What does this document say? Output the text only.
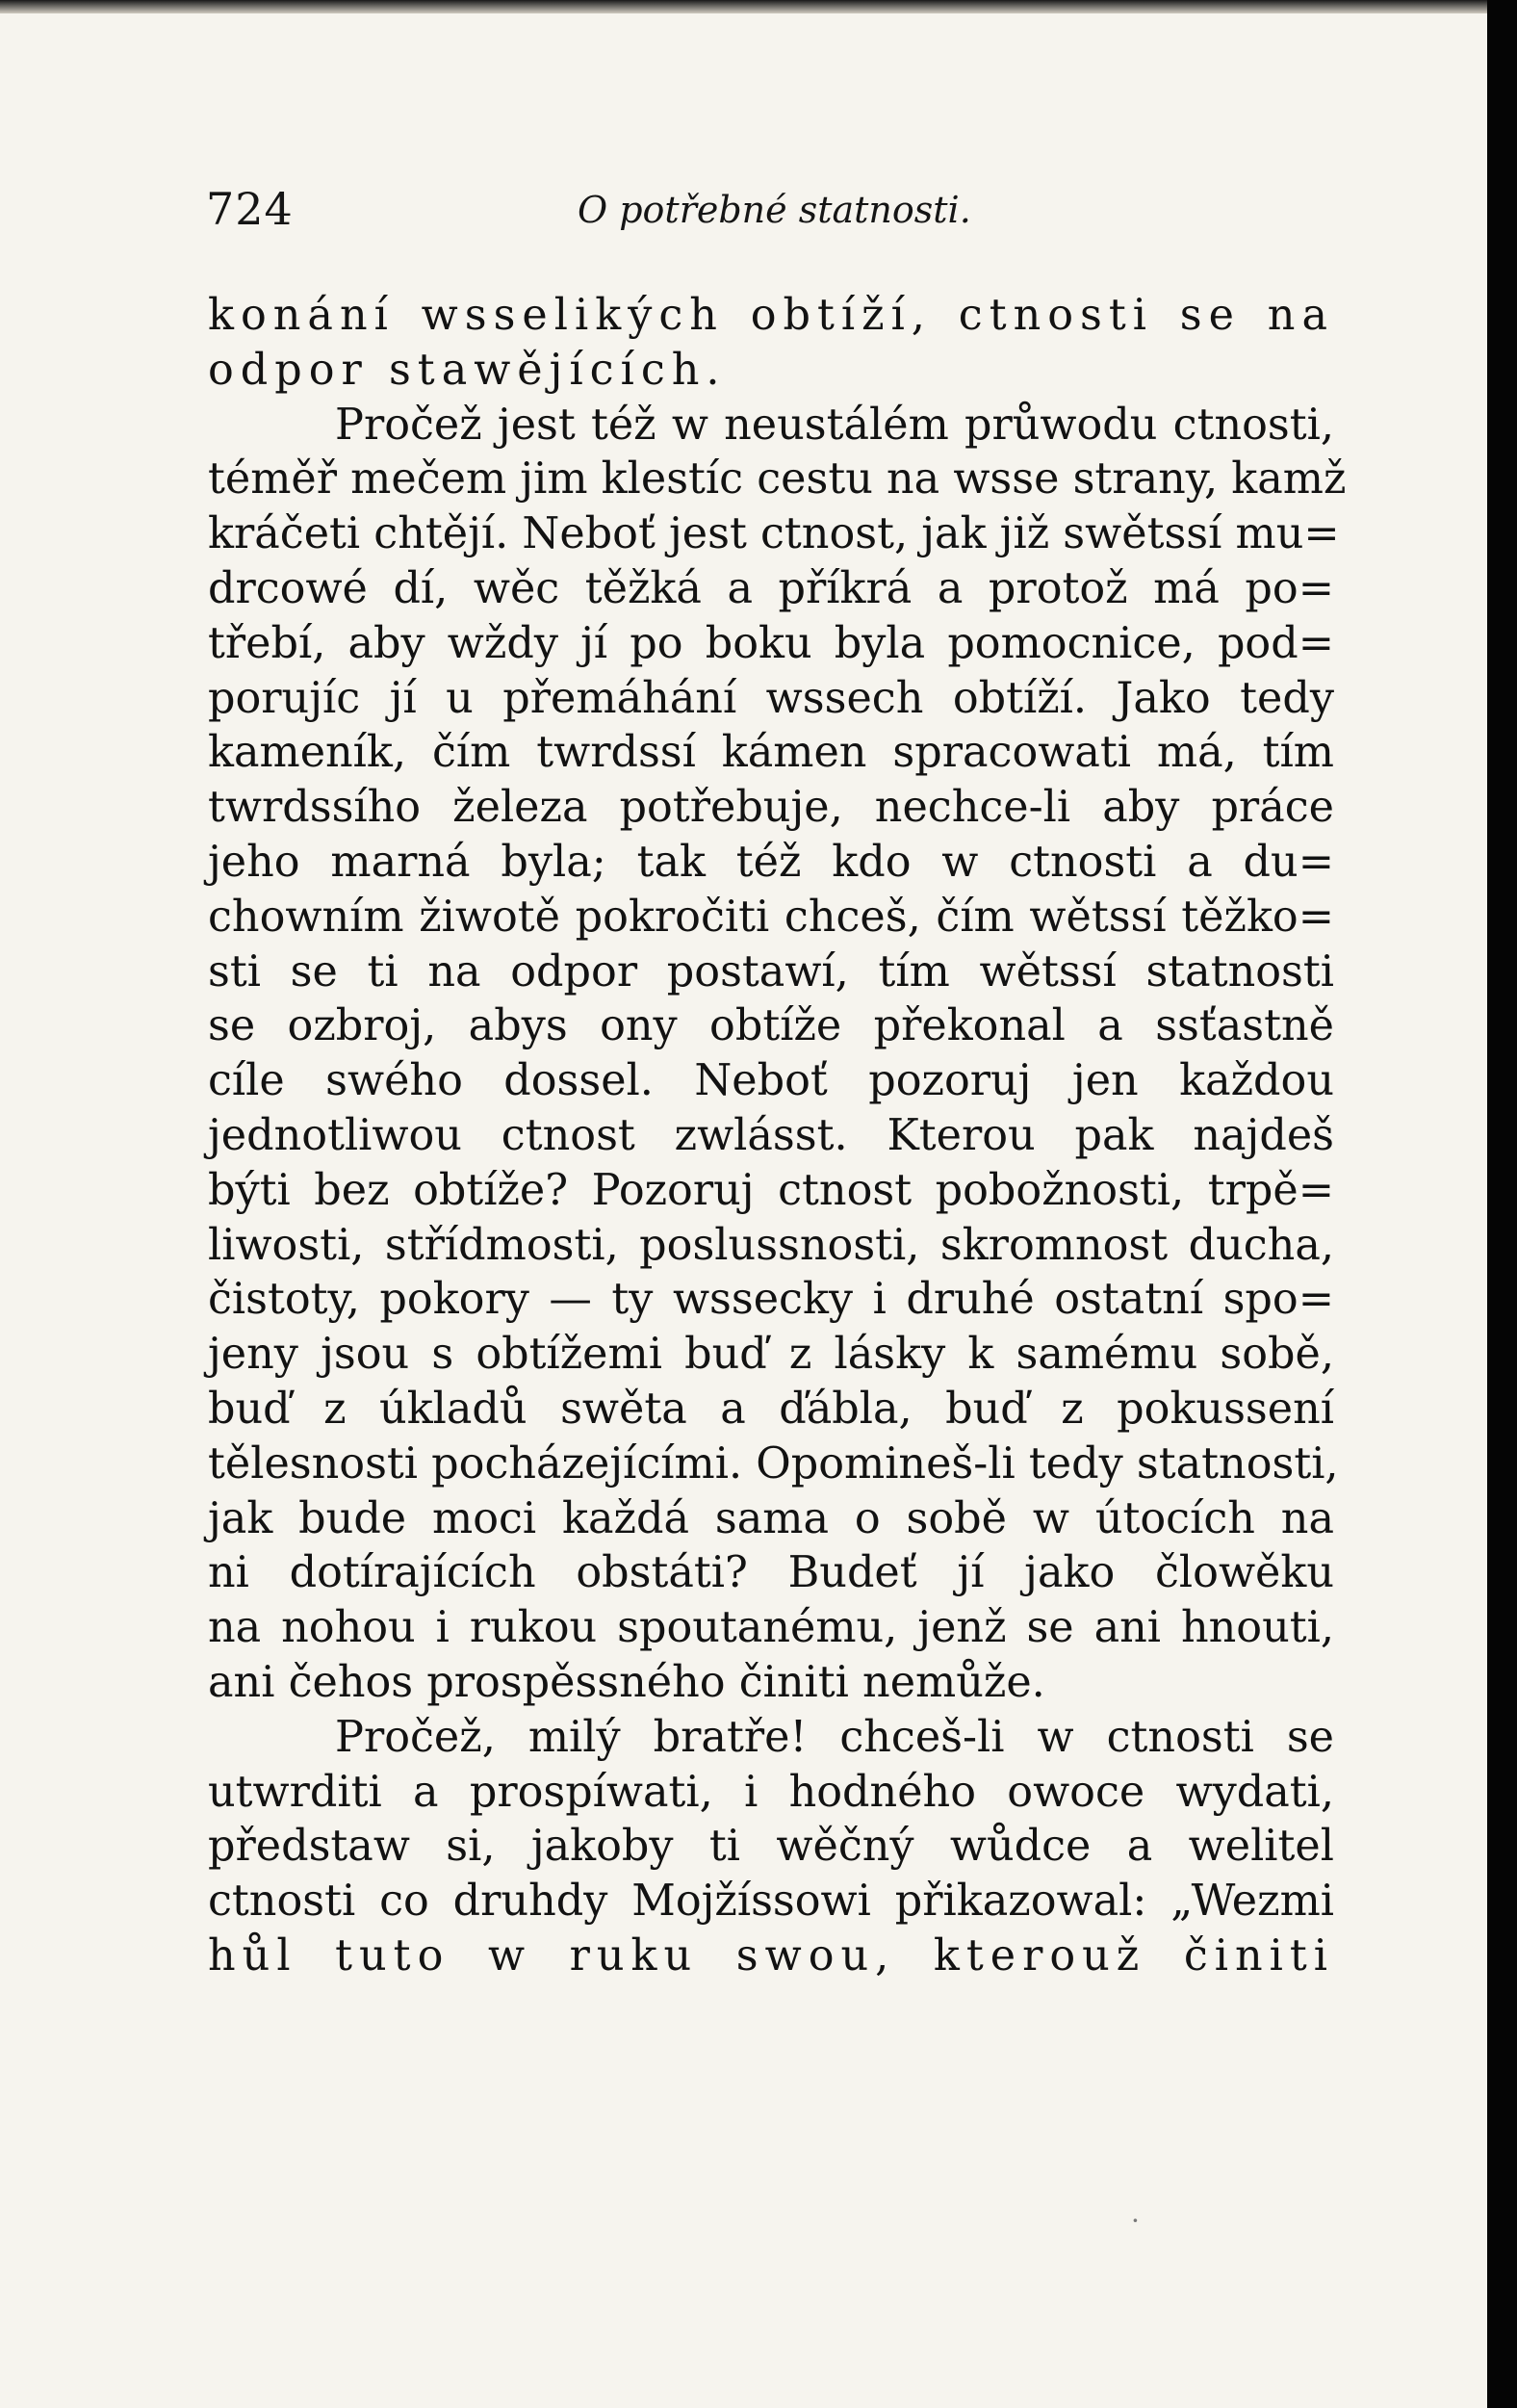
724	O potřebné statnosti.
konání wsselikých obtíží, ctnosti se na
odpor stawějících.
Pročež jest též w neustálém průwodu ctnosti,
téměř mečem jim klestíc cestu na wsse strany, kamž
kráčeti chtějí. Neboť jest ctnost, jak již swětssí mu=
drcowé dí, wěc těžká a příkrá a protož má po=
třebí, aby wždy jí po boku byla pomocnice, pod=
porujíc jí u přemáhání wssech obtíží. Jako tedy
kameník, čím twrdssí kámen spracowati má, tím
twrdssího železa potřebuje, nechce-li aby práce
jeho marná byla; tak též kdo w ctnosti a du=
chowním žiwotě pokročiti chceš, čím wětssí těžko=
sti se ti na odpor postawí, tím wětssí statnosti
se ozbroj, abys ony obtíže překonal a ssťastně
cíle swého dossel. Neboť pozoruj jen každou
jednotliwou ctnost zwlásst. Kterou pak najdeš
býti bez obtíže? Pozoruj ctnost pobožnosti, trpě=
liwosti, střídmosti, poslussnosti, skromnost ducha,
čistoty, pokory — ty wssecky i druhé ostatní spo=
jeny jsou s obtížemi buď z lásky k samému sobě,
buď z úkladů swěta a ďábla, buď z pokussení
tělesnosti pocházejícími. Opomineš-li tedy statnosti,
jak bude moci každá sama o sobě w útocích na
ni dotírajících obstáti? Budeť jí jako člowěku
na nohou i rukou spoutanému, jenž se ani hnouti,
ani čehos prospěssného činiti nemůže.
Pročež, milý bratře! chceš-li w ctnosti se
utwrditi a prospíwati, i hodného owoce wydati,
předstaw si, jakoby ti wěčný wůdce a welitel
ctnosti co druhdy Mojžíssowi přikazowal: „Wezmi
hůl tuto w ruku swou, kterouž činiti
·
